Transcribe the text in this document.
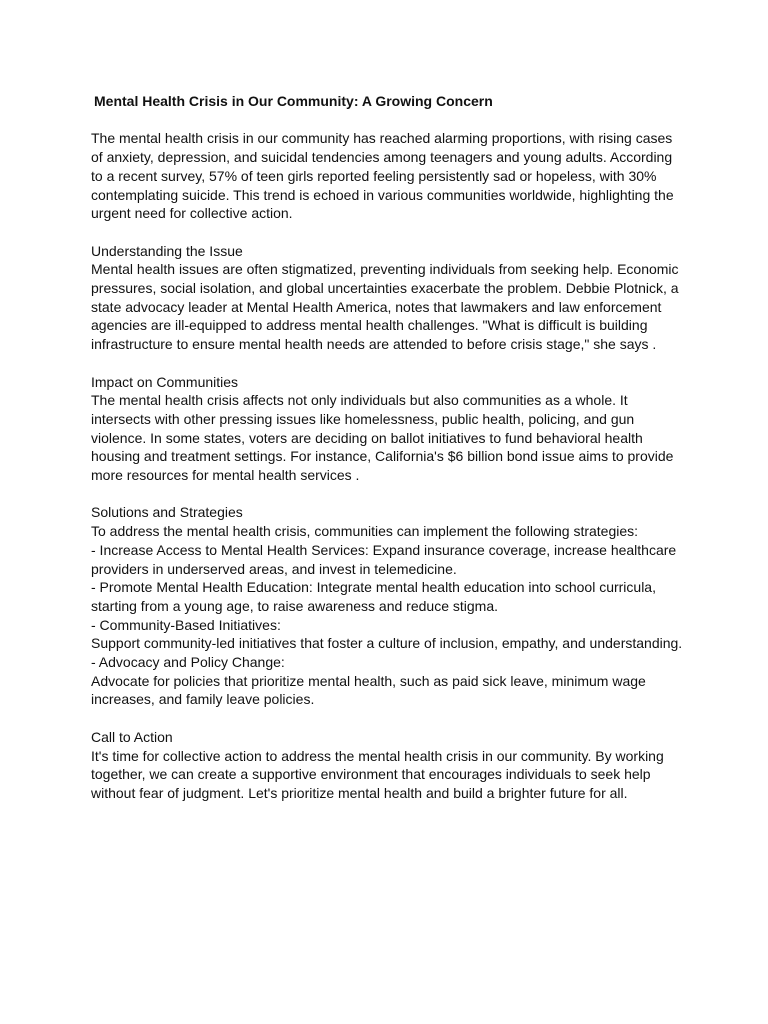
Mental Health Crisis in Our Community: A Growing Concern
The mental health crisis in our community has reached alarming proportions, with rising cases
of anxiety, depression, and suicidal tendencies among teenagers and young adults. According
to a recent survey, 57% of teen girls reported feeling persistently sad or hopeless, with 30%
contemplating suicide. This trend is echoed in various communities worldwide, highlighting the
urgent need for collective action.
Understanding the Issue
Mental health issues are often stigmatized, preventing individuals from seeking help. Economic
pressures, social isolation, and global uncertainties exacerbate the problem. Debbie Plotnick, a
state advocacy leader at Mental Health America, notes that lawmakers and law enforcement
agencies are ill-equipped to address mental health challenges. "What is difficult is building
infrastructure to ensure mental health needs are attended to before crisis stage," she says .
Impact on Communities
The mental health crisis affects not only individuals but also communities as a whole. It
intersects with other pressing issues like homelessness, public health, policing, and gun
violence. In some states, voters are deciding on ballot initiatives to fund behavioral health
housing and treatment settings. For instance, California's $6 billion bond issue aims to provide
more resources for mental health services .
Solutions and Strategies
To address the mental health crisis, communities can implement the following strategies:
- Increase Access to Mental Health Services: Expand insurance coverage, increase healthcare
providers in underserved areas, and invest in telemedicine.
- Promote Mental Health Education: Integrate mental health education into school curricula,
starting from a young age, to raise awareness and reduce stigma.
- Community-Based Initiatives:
Support community-led initiatives that foster a culture of inclusion, empathy, and understanding.
- Advocacy and Policy Change:
Advocate for policies that prioritize mental health, such as paid sick leave, minimum wage
increases, and family leave policies.
Call to Action
It's time for collective action to address the mental health crisis in our community. By working
together, we can create a supportive environment that encourages individuals to seek help
without fear of judgment. Let's prioritize mental health and build a brighter future for all.
